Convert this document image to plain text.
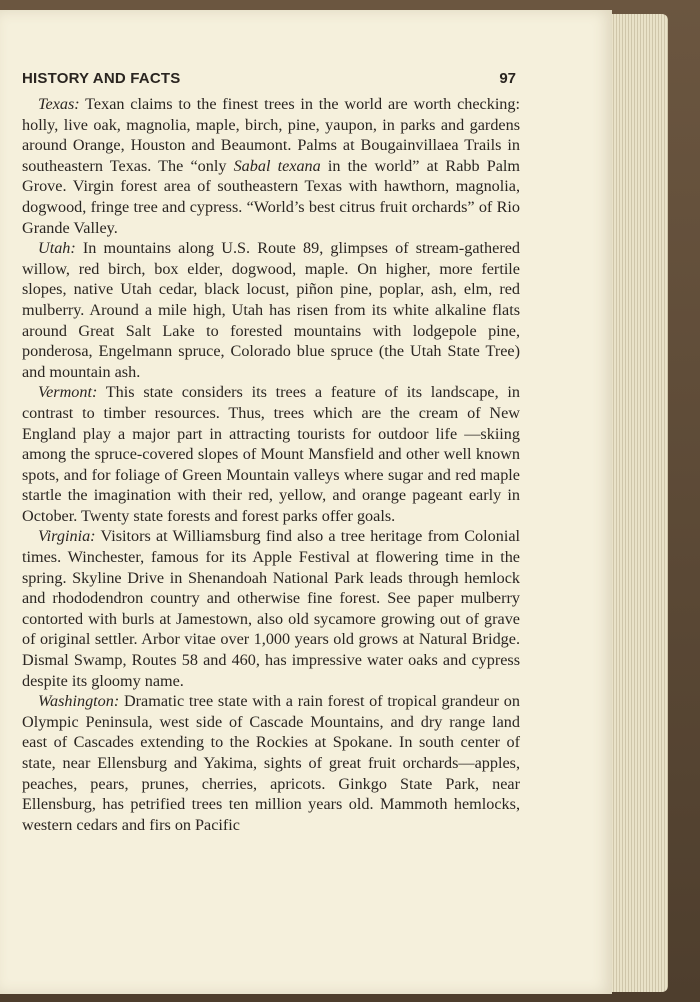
HISTORY AND FACTS	97

Texas: Texan claims to the finest trees in the world are worth checking: holly, live oak, magnolia, maple, birch, pine, yaupon, in parks and gardens around Orange, Houston and Beaumont. Palms at Bougainvillaea Trails in southeastern Texas. The “only Sabal texana in the world” at Rabb Palm Grove. Virgin forest area of southeastern Texas with hawthorn, magnolia, dogwood, fringe tree and cypress. “World’s best citrus fruit orchards” of Rio Grande Valley.

Utah: In mountains along U.S. Route 89, glimpses of stream-gathered willow, red birch, box elder, dogwood, maple. On higher, more fertile slopes, native Utah cedar, black locust, piñon pine, poplar, ash, elm, red mulberry. Around a mile high, Utah has risen from its white alkaline flats around Great Salt Lake to forested mountains with lodgepole pine, ponderosa, Engelmann spruce, Colorado blue spruce (the Utah State Tree) and mountain ash.

Vermont: This state considers its trees a feature of its landscape, in contrast to timber resources. Thus, trees which are the cream of New England play a major part in attracting tourists for outdoor life —skiing among the spruce-covered slopes of Mount Mansfield and other well known spots, and for foliage of Green Mountain valleys where sugar and red maple startle the imagination with their red, yellow, and orange pageant early in October. Twenty state forests and forest parks offer goals.

Virginia: Visitors at Williamsburg find also a tree heritage from Colonial times. Winchester, famous for its Apple Festival at flowering time in the spring. Skyline Drive in Shenandoah National Park leads through hemlock and rhododendron country and otherwise fine forest. See paper mulberry contorted with burls at Jamestown, also old sycamore growing out of grave of original settler. Arbor vitae over 1,000 years old grows at Natural Bridge. Dismal Swamp, Routes 58 and 460, has impressive water oaks and cypress despite its gloomy name.

Washington: Dramatic tree state with a rain forest of tropical grandeur on Olympic Peninsula, west side of Cascade Mountains, and dry range land east of Cascades extending to the Rockies at Spokane. In south center of state, near Ellensburg and Yakima, sights of great fruit orchards—apples, peaches, pears, prunes, cherries, apricots. Ginkgo State Park, near Ellensburg, has petrified trees ten million years old. Mammoth hemlocks, western cedars and firs on Pacific
